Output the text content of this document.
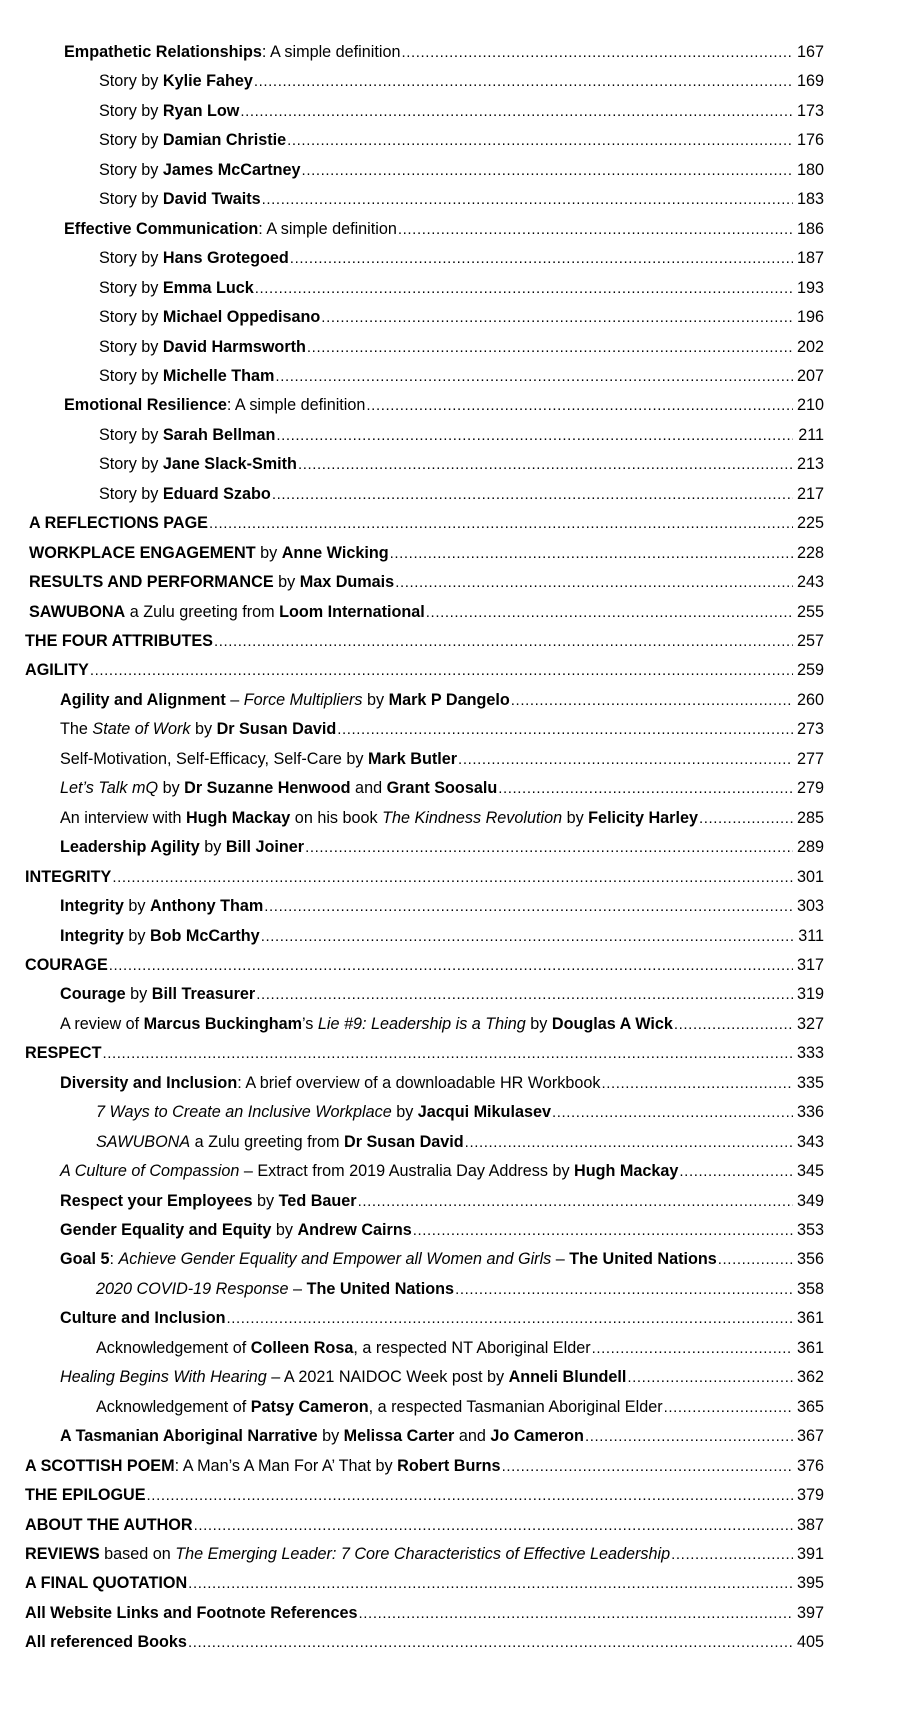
Empathetic Relationships: A simple definition .....	167
Story by Kylie Fahey .....	169
Story by Ryan Low .....	173
Story by Damian Christie .....	176
Story by James McCartney .....	180
Story by David Twaits .....	183
Effective Communication: A simple definition .....	186
Story by Hans Grotegoed .....	187
Story by Emma Luck .....	193
Story by Michael Oppedisano .....	196
Story by David Harmsworth .....	202
Story by Michelle Tham .....	207
Emotional Resilience: A simple definition .....	210
Story by Sarah Bellman .....	211
Story by Jane Slack-Smith .....	213
Story by Eduard Szabo .....	217
A REFLECTIONS PAGE .....	225
WORKPLACE ENGAGEMENT by Anne Wicking .....	228
RESULTS AND PERFORMANCE by Max Dumais .....	243
SAWUBONA a Zulu greeting from Loom International .....	255
THE FOUR ATTRIBUTES .....	257
AGILITY .....	259
Agility and Alignment – Force Multipliers by Mark P Dangelo .....	260
The State of Work by Dr Susan David .....	273
Self-Motivation, Self-Efficacy, Self-Care by Mark Butler .....	277
Let’s Talk mQ by Dr Suzanne Henwood and Grant Soosalu .....	279
An interview with Hugh Mackay on his book The Kindness Revolution by Felicity Harley .....	285
Leadership Agility by Bill Joiner .....	289
INTEGRITY .....	301
Integrity by Anthony Tham .....	303
Integrity by Bob McCarthy .....	311
COURAGE .....	317
Courage by Bill Treasurer .....	319
A review of Marcus Buckingham’s Lie #9: Leadership is a Thing by Douglas A Wick .....	327
RESPECT .....	333
Diversity and Inclusion: A brief overview of a downloadable HR Workbook .....	335
7 Ways to Create an Inclusive Workplace by Jacqui Mikulasev .....	336
SAWUBONA a Zulu greeting from Dr Susan David .....	343
A Culture of Compassion – Extract from 2019 Australia Day Address by Hugh Mackay .....	345
Respect your Employees by Ted Bauer .....	349
Gender Equality and Equity by Andrew Cairns .....	353
Goal 5: Achieve Gender Equality and Empower all Women and Girls – The United Nations .....	356
2020 COVID-19 Response – The United Nations .....	358
Culture and Inclusion .....	361
Acknowledgement of Colleen Rosa, a respected NT Aboriginal Elder .....	361
Healing Begins With Hearing – A 2021 NAIDOC Week post by Anneli Blundell .....	362
Acknowledgement of Patsy Cameron, a respected Tasmanian Aboriginal Elder .....	365
A Tasmanian Aboriginal Narrative by Melissa Carter and Jo Cameron .....	367
A SCOTTISH POEM: A Man’s A Man For A’ That by Robert Burns .....	376
THE EPILOGUE .....	379
ABOUT THE AUTHOR .....	387
REVIEWS based on The Emerging Leader: 7 Core Characteristics of Effective Leadership .....	391
A FINAL QUOTATION .....	395
All Website Links and Footnote References .....	397
All referenced Books .....	405
